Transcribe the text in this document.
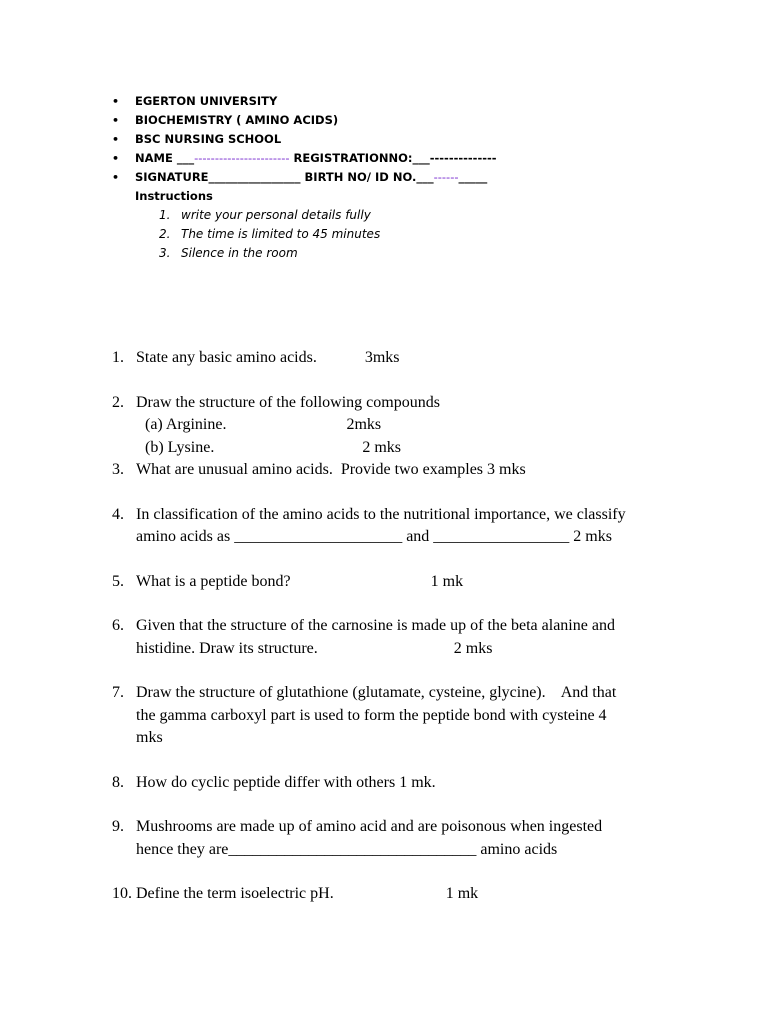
• EGERTON UNIVERSITY
• BIOCHEMISTRY ( AMINO ACIDS)
• BSC NURSING SCHOOL
• NAME ___----------------------- REGISTRATIONNO:___--------------
• SIGNATURE________________ BIRTH NO/ ID NO.___------_____
Instructions
1. write your personal details fully
2. The time is limited to 45 minutes
3. Silence in the room
1. State any basic amino acids.            3mks
2. Draw the structure of the following compounds
(a) Arginine.                              2mks
(b) Lysine.                                     2 mks
3. What are unusual amino acids.  Provide two examples 3 mks
4. In classification of the amino acids to the nutritional importance, we classify
amino acids as _____________________ and _________________ 2 mks
5. What is a peptide bond?                                   1 mk
6. Given that the structure of the carnosine is made up of the beta alanine and
histidine. Draw its structure.                                  2 mks
7. Draw the structure of glutathione (glutamate, cysteine, glycine).    And that
the gamma carboxyl part is used to form the peptide bond with cysteine 4
mks
8. How do cyclic peptide differ with others 1 mk.
9. Mushrooms are made up of amino acid and are poisonous when ingested
hence they are_______________________________ amino acids
10. Define the term isoelectric pH.                            1 mk
